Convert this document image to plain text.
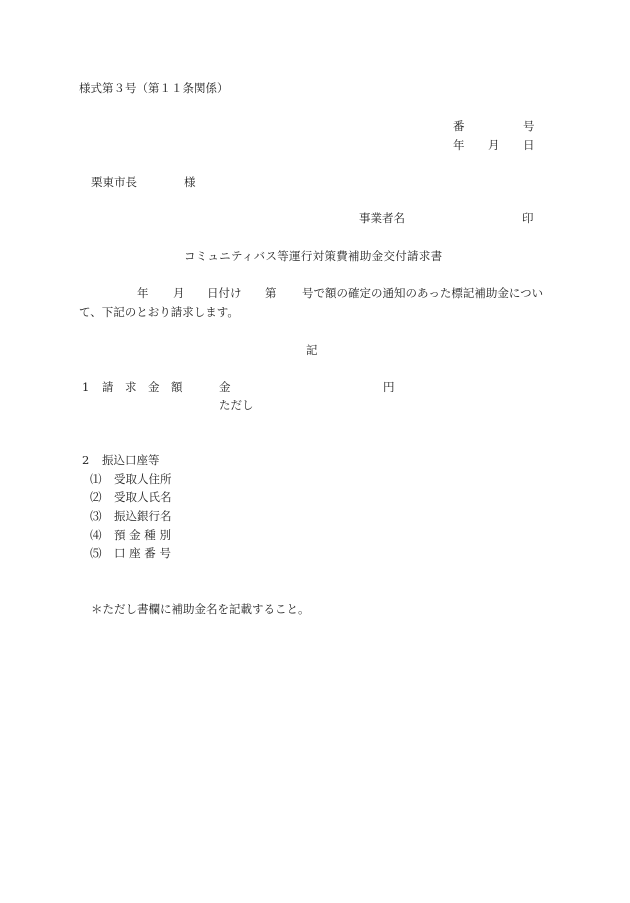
様式第３号（第１１条関係）
番	号
年 月 日
栗東市長	様
事業者名	印
コミュニティバス等運行対策費補助金交付請求書
年 月 日付け 第 号で額の確定の通知のあった標記補助金につい
て、下記のとおり請求します。
記
1 請　求　金　額	金	円
ただし
2 振込口座等
⑴ 受取人住所
⑵ 受取人氏名
⑶ 振込銀行名
⑷ 預 金 種 別
⑸ 口 座 番 号
＊ただし書欄に補助金名を記載すること。
